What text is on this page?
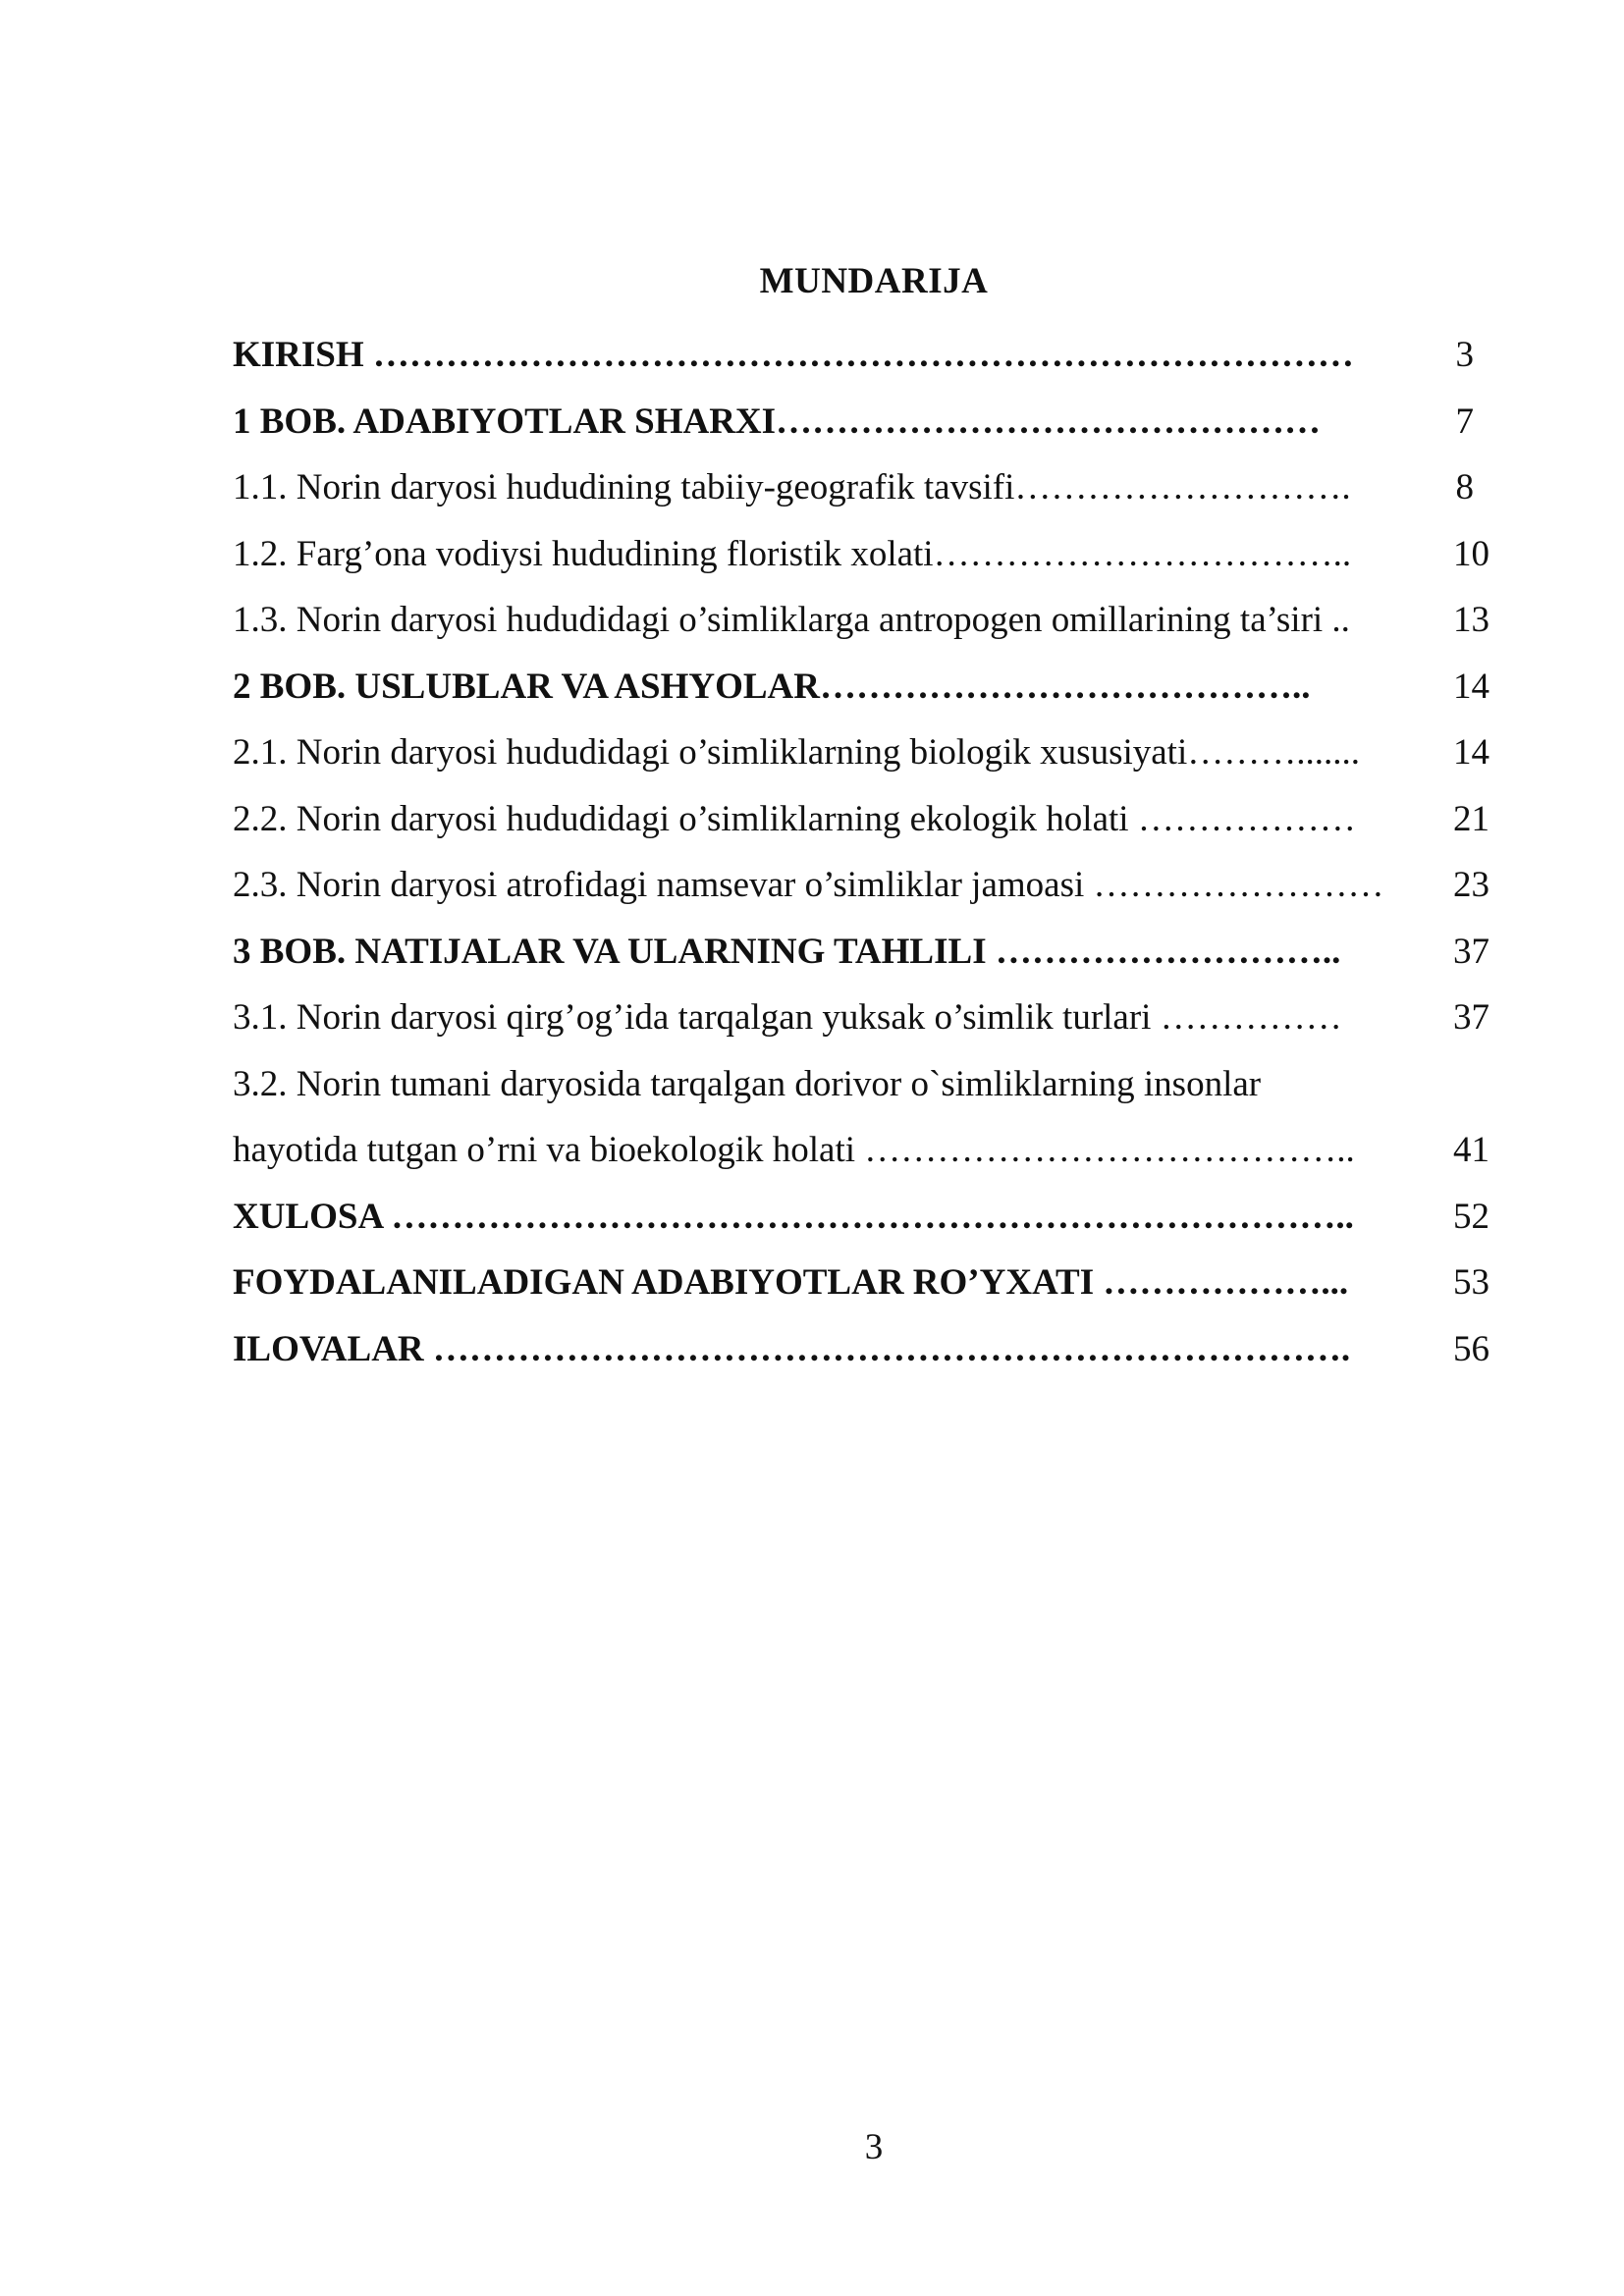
MUNDARIJA
KIRISH ………………………………………………………………………	3
1 BOB. ADABIYOTLAR SHARXI………………………………………	7
1.1. Norin daryosi hududining tabiiy-geografik tavsifi……………………….	8
1.2. Farg’ona vodiysi hududining floristik xolati……………………………..	10
1.3. Norin daryosi hududidagi o’simliklarga antropogen omillarining ta’siri ..	13
2 BOB. USLUBLAR VA ASHYOLAR…………………………………..	14
2.1. Norin daryosi hududidagi o’simliklarning biologik xususiyati……….......	14
2.2. Norin daryosi hududidagi o’simliklarning ekologik holati ………………	21
2.3. Norin daryosi atrofidagi namsevar o’simliklar jamoasi ……………………	23
3 BOB. NATIJALAR VA ULARNING TAHLILI ………………………..	37
3.1. Norin daryosi qirg’og’ida tarqalgan yuksak o’simlik turlari ……………	37
3.2. Norin tumani daryosida tarqalgan dorivor o`simliklarning insonlar
hayotida tutgan o’rni va bioekologik holati …………………………………..	41
XULOSA ……………………………………………………………………..	52
FOYDALANILADIGAN ADABIYOTLAR RO’YXATI ………………...	53
ILOVALAR ………………………………………………………………….	56
3
